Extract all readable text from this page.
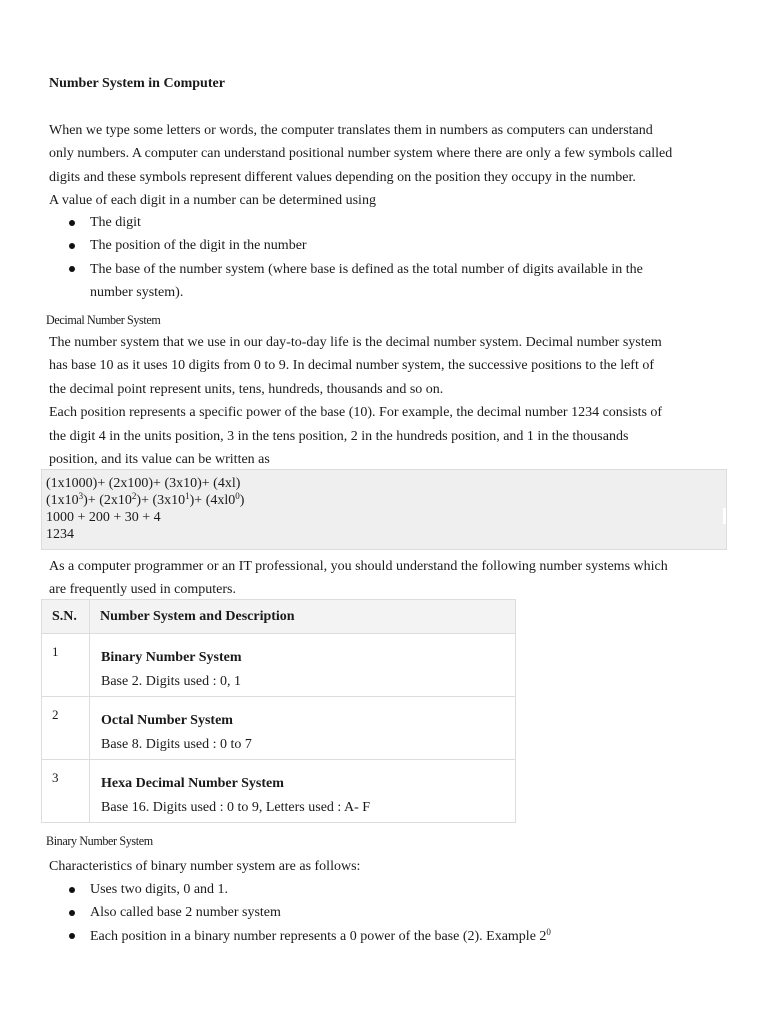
Number System in Computer

When we type some letters or words, the computer translates them in numbers as computers can understand
only numbers. A computer can understand positional number system where there are only a few symbols called
digits and these symbols represent different values depending on the position they occupy in the number.
A value of each digit in a number can be determined using

The digit
The position of the digit in the number
The base of the number system (where base is defined as the total number of digits available in the
number system).

Decimal Number System

The number system that we use in our day-to-day life is the decimal number system. Decimal number system
has base 10 as it uses 10 digits from 0 to 9. In decimal number system, the successive positions to the left of
the decimal point represent units, tens, hundreds, thousands and so on.
Each position represents a specific power of the base (10). For example, the decimal number 1234 consists of
the digit 4 in the units position, 3 in the tens position, 2 in the hundreds position, and 1 in the thousands
position, and its value can be written as

(1x1000)+ (2x100)+ (3x10)+ (4xl)
$(1x10^3)+ (2x10^2)+ (3x10^1)+ (4xl0^0)$
1000 + 200 + 30 + 4
1234

As a computer programmer or an IT professional, you should understand the following number systems which
are frequently used in computers.

S.N.	Number System and Description
1	Binary Number System
Base 2. Digits used : 0, 1

2	Octal Number System
Base 8. Digits used : 0 to 7

3	Hexa Decimal Number System
Base 16. Digits used : 0 to 9, Letters used : A- F

Binary Number System

Characteristics of binary number system are as follows:

Uses two digits, 0 and 1.
Also called base 2 number system
Each position in a binary number represents a 0 power of the base (2). Example $2^0$
